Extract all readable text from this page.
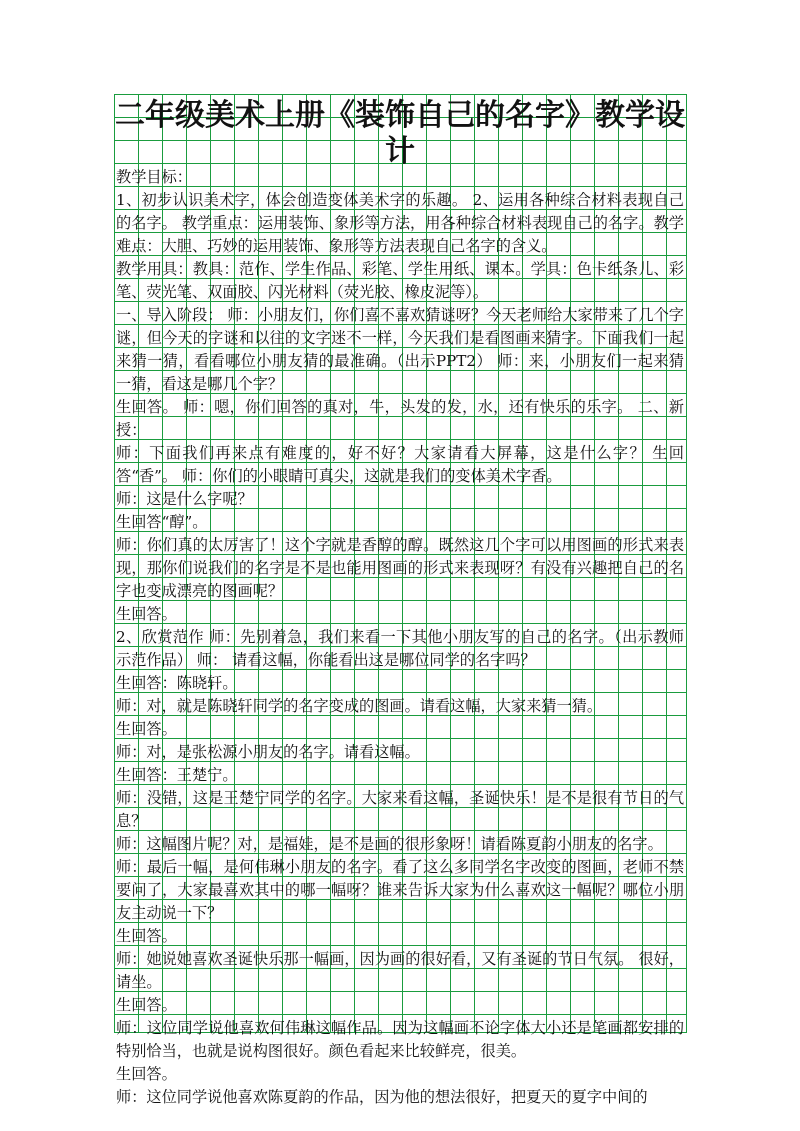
二年级美术上册《装饰自己的名字》教学设
计

教学目标：

1、初步认识美术字，体会创造变体美术字的乐趣。 2、运用各种综合材料表现自己的名字。 教学重点：运用装饰、象形等方法，用各种综合材料表现自己的名字。教学难点：大胆、巧妙的运用装饰、象形等方法表现自己名字的含义。

教学用具：教具：范作、学生作品、彩笔、学生用纸、课本。学具：色卡纸条儿、彩笔、荧光笔、双面胶、闪光材料（荧光胶、橡皮泥等）。

一、导入阶段： 师：小朋友们，你们喜不喜欢猜谜呀？今天老师给大家带来了几个字谜，但今天的字谜和以往的文字迷不一样，今天我们是看图画来猜字。下面我们一起来猜一猜，看看哪位小朋友猜的最准确。（出示PPT2） 师：来，小朋友们一起来猜一猜，看这是哪几个字？

生回答。 师：嗯，你们回答的真对，牛，头发的发，水，还有快乐的乐字。 二、新授：

师：下面我们再来点有难度的，好不好？大家请看大屏幕，这是什么字？ 生回答“香”。 师：你们的小眼睛可真尖，这就是我们的变体美术字香。

师：这是什么字呢？

生回答“醇”。

师：你们真的太厉害了！这个字就是香醇的醇。既然这几个字可以用图画的形式来表现，那你们说我们的名字是不是也能用图画的形式来表现呀？有没有兴趣把自己的名字也变成漂亮的图画呢？

生回答。

2、欣赏范作 师：先别着急，我们来看一下其他小朋友写的自己的名字。（出示教师示范作品） 师： 请看这幅，你能看出这是哪位同学的名字吗？

生回答：陈晓轩。

师：对，就是陈晓轩同学的名字变成的图画。请看这幅，大家来猜一猜。

生回答。

师：对，是张松源小朋友的名字。请看这幅。

生回答：王楚宁。

师：没错，这是王楚宁同学的名字。大家来看这幅，圣诞快乐！是不是很有节日的气息？

师：这幅图片呢？对，是福娃，是不是画的很形象呀！请看陈夏韵小朋友的名字。

师：最后一幅，是何伟琳小朋友的名字。看了这么多同学名字改变的图画，老师不禁要问了，大家最喜欢其中的哪一幅呀？谁来告诉大家为什么喜欢这一幅呢？哪位小朋友主动说一下？

生回答。

师：她说她喜欢圣诞快乐那一幅画，因为画的很好看，又有圣诞的节日气氛。 很好，请坐。

生回答。

师：这位同学说他喜欢何伟琳这幅作品。因为这幅画不论字体大小还是笔画都安排的特别恰当，也就是说构图很好。颜色看起来比较鲜亮，很美。

生回答。

师：这位同学说他喜欢陈夏韵的作品，因为他的想法很好，把夏天的夏字中间的
